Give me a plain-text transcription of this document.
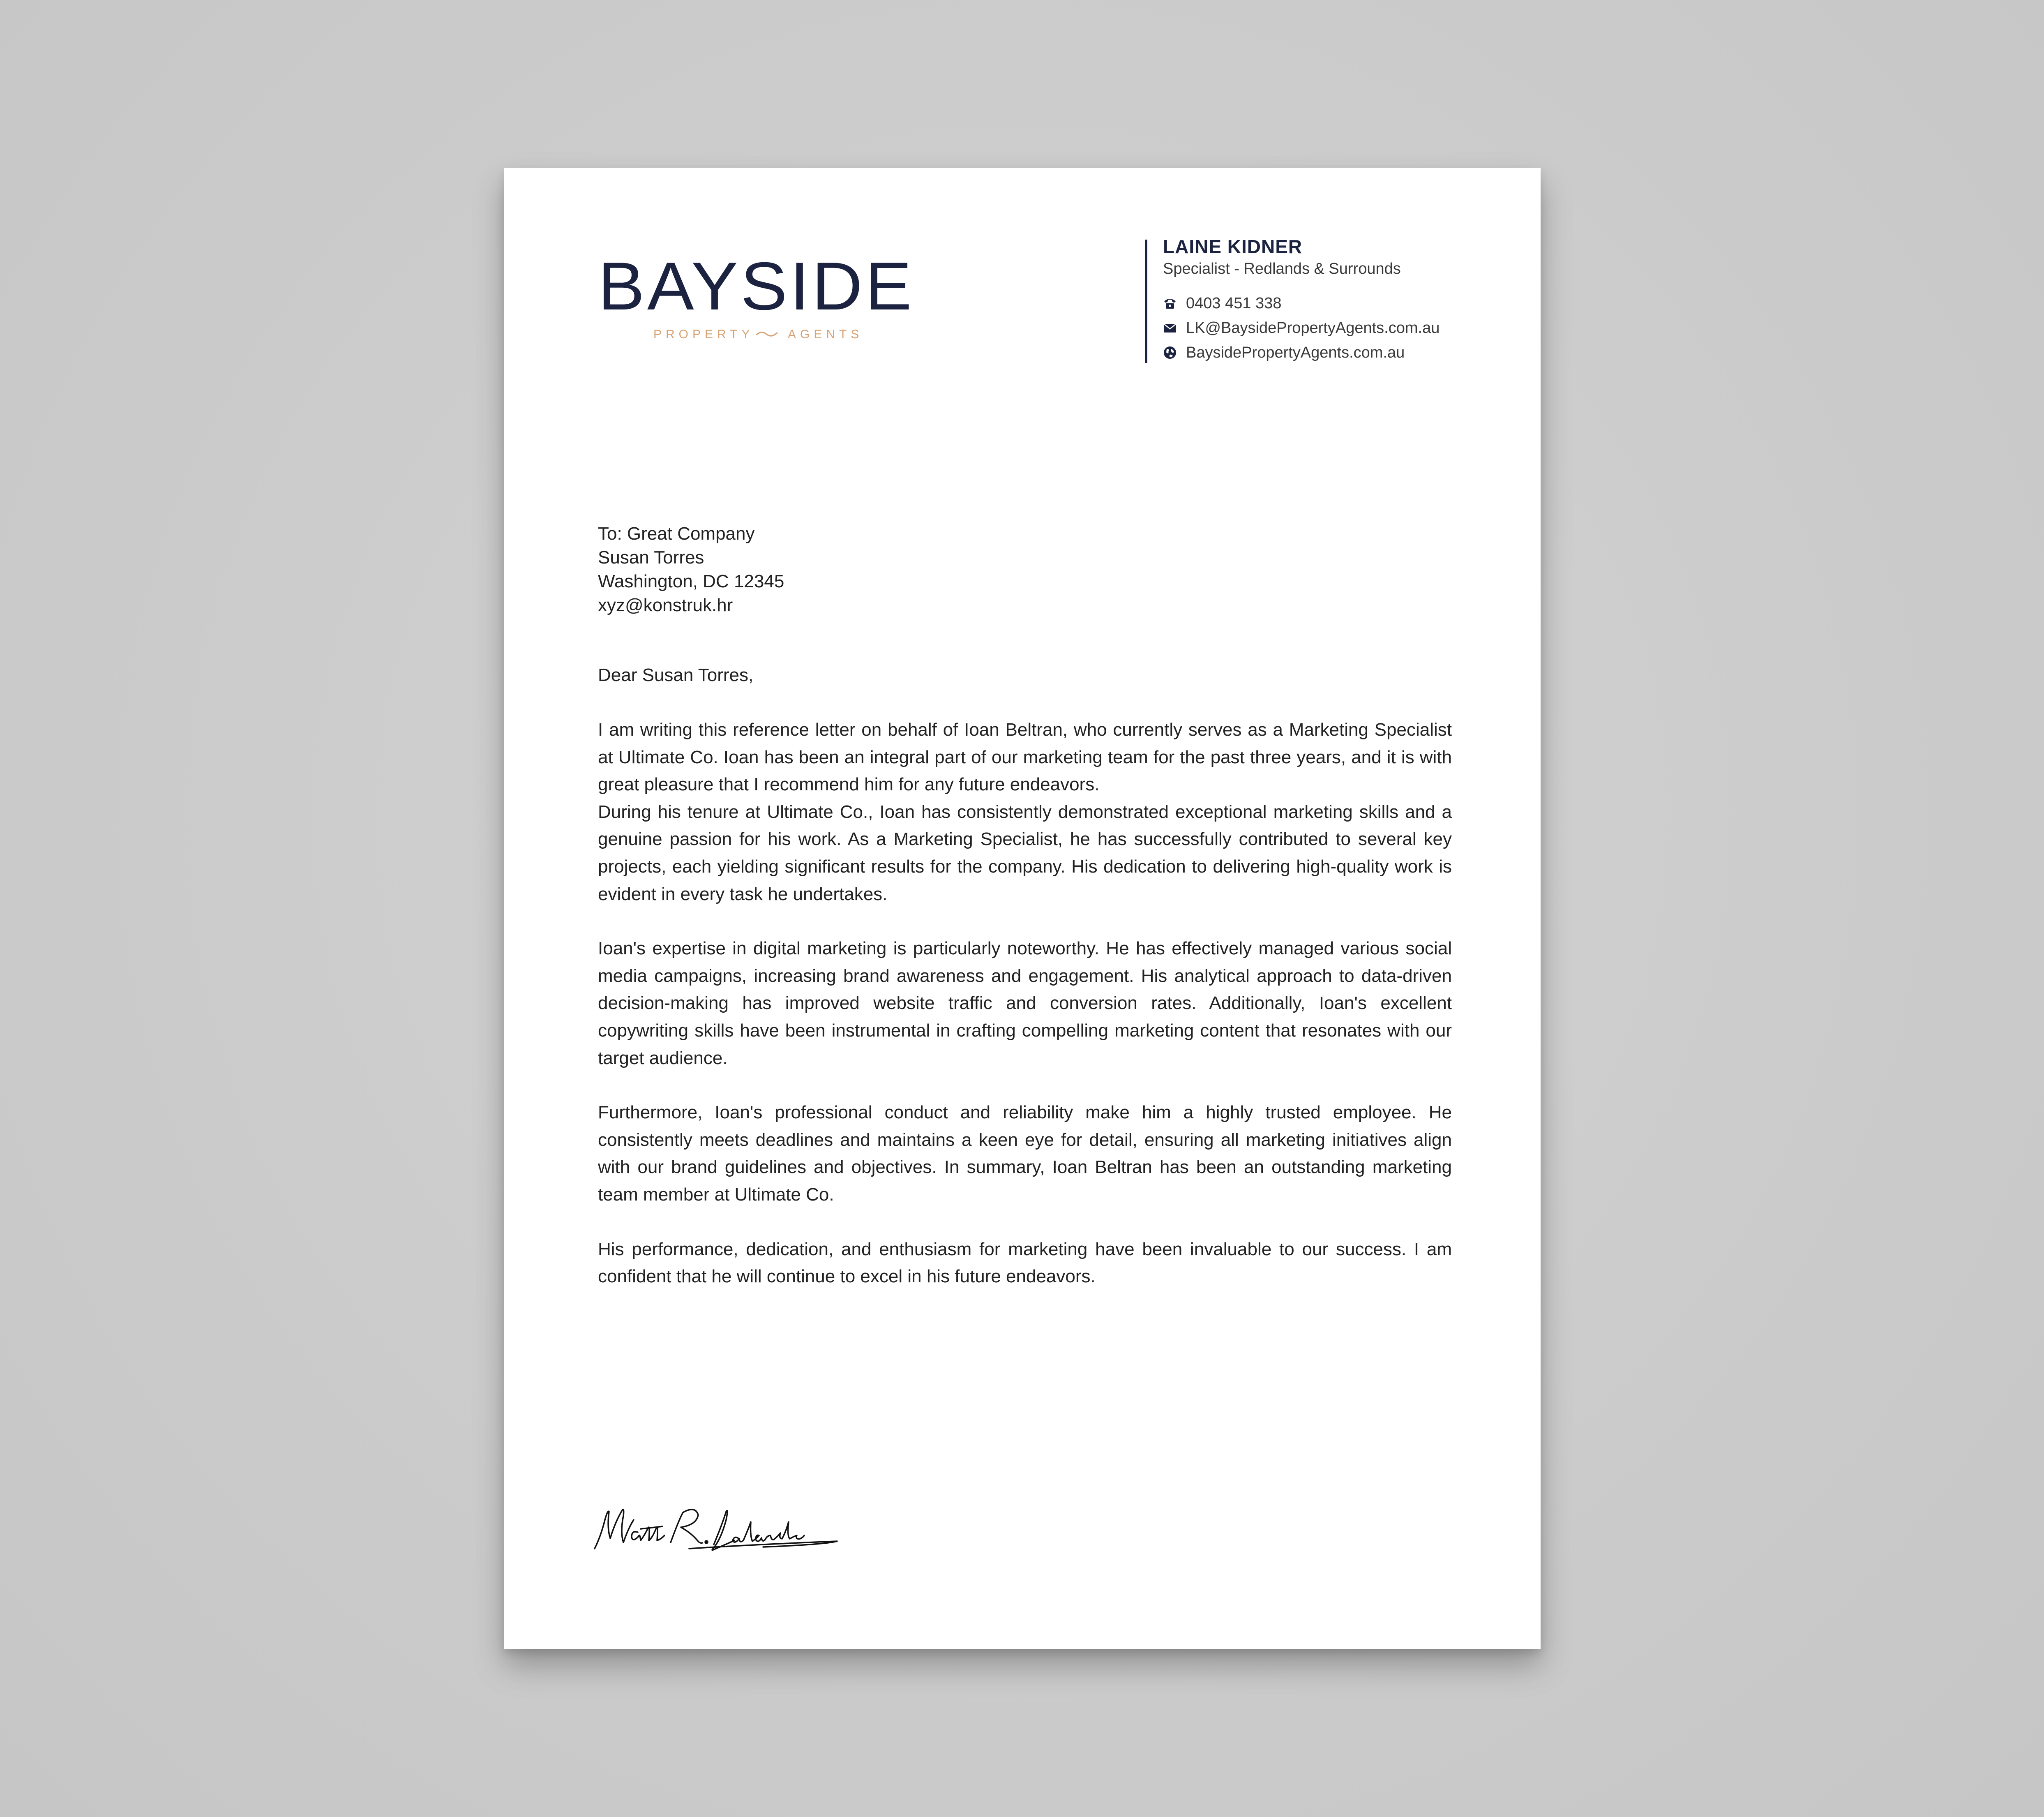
BAYSIDE
PROPERTY	AGENTS
LAINE KIDNER
Specialist - Redlands & Surrounds
0403 451 338
LK@BaysidePropertyAgents.com.au
BaysidePropertyAgents.com.au
To: Great Company
Susan Torres
Washington, DC 12345
xyz@konstruk.hr
Dear Susan Torres,

I am writing this reference letter on behalf of Ioan Beltran, who currently serves as a Marketing Specialist at Ultimate Co. Ioan has been an integral part of our marketing team for the past three years, and it is with great pleasure that I recommend him for any future endeavors.

During his tenure at Ultimate Co., Ioan has consistently demonstrated exceptional marketing skills and a genuine passion for his work. As a Marketing Specialist, he has successfully contributed to several key projects, each yielding significant results for the company. His dedication to delivering high-quality work is evident in every task he undertakes.

Ioan's expertise in digital marketing is particularly noteworthy. He has effectively managed various social media campaigns, increasing brand awareness and engagement. His analytical approach to data-driven decision-making has improved website traffic and conversion rates. Additionally, Ioan's excellent copywriting skills have been instrumental in crafting compelling marketing content that resonates with our target audience.

Furthermore, Ioan's professional conduct and reliability make him a highly trusted employee. He consistently meets deadlines and maintains a keen eye for detail, ensuring all marketing initiatives align with our brand guidelines and objectives. In summary, Ioan Beltran has been an outstanding marketing team member at Ultimate Co.

His performance, dedication, and enthusiasm for marketing have been invaluable to our success. I am confident that he will continue to excel in his future endeavors.
